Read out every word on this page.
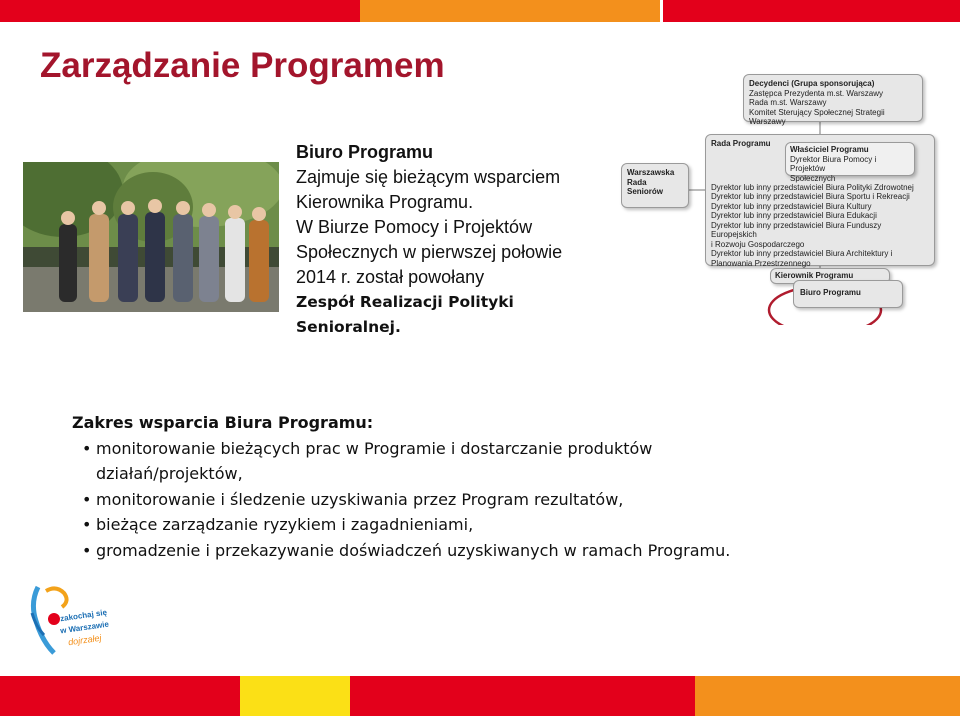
Zarządzanie Programem
Biuro Programu
Zajmuje się bieżącym wsparciem
Kierownika Programu.
W Biurze Pomocy i Projektów
Społecznych w pierwszej połowie
2014 r. został powołany
Zespół Realizacji Polityki Senioralnej.
Decydenci (Grupa sponsorująca)
Zastępca Prezydenta m.st. Warszawy
Rada m.st. Warszawy
Komitet Sterujący Społecznej Strategii Warszawy
Warszawska
Rada
Seniorów
Rada Programu
Dyrektor lub inny przedstawiciel Biura Polityki Zdrowotnej
Dyrektor lub inny przedstawiciel Biura Sportu i Rekreacji
Dyrektor lub inny przedstawiciel Biura Kultury
Dyrektor lub inny przedstawiciel Biura Edukacji
Dyrektor lub inny przedstawiciel Biura Funduszy Europejskich
i Rozwoju Gospodarczego
Dyrektor lub inny przedstawiciel Biura Architektury i
Planowania Przestrzennego
Właściciel Programu
Dyrektor Biura Pomocy i Projektów
Społecznych
Kierownik Programu
Biuro Programu
Zakres wsparcia Biura Programu:
• monitorowanie bieżących prac w Programie i dostarczanie produktów działań/projektów,
• monitorowanie i śledzenie uzyskiwania przez Program rezultatów,
• bieżące zarządzanie ryzykiem i zagadnieniami,
• gromadzenie i przekazywanie doświadczeń uzyskiwanych w ramach Programu.
zakochaj się
w Warszawie
dojrzałej
